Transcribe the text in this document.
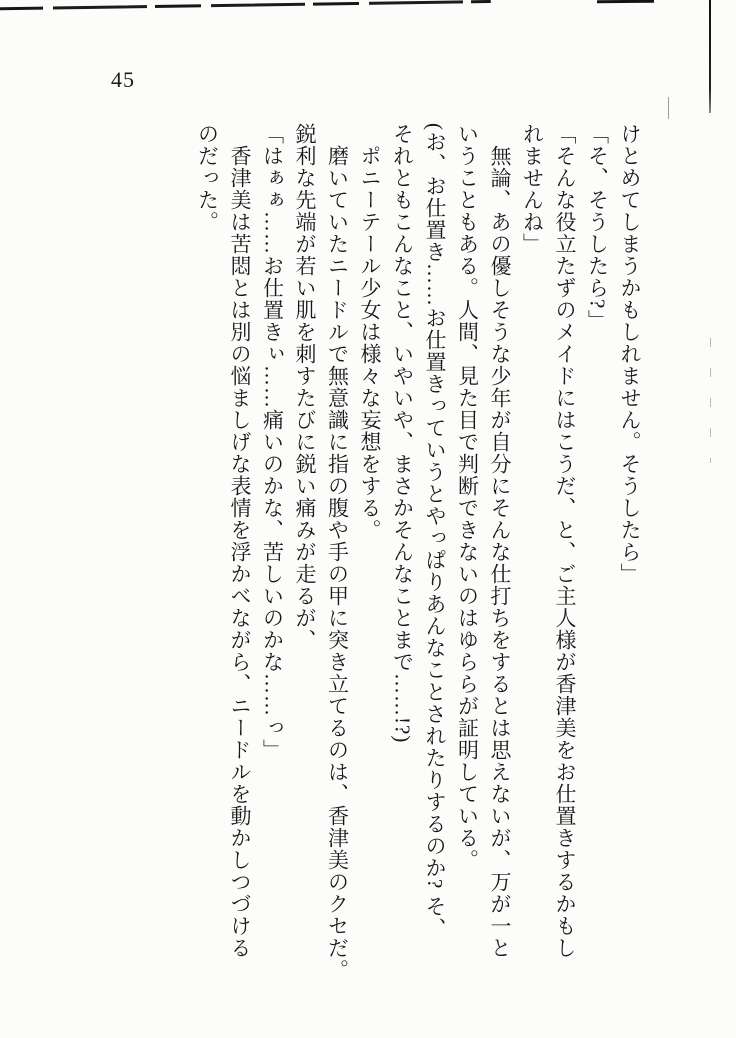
45

けとめてしまうかもしれません。そうしたら」

「そ、そうしたら?」

「そんな役立たずのメイドにはこうだ、と、ご主人様が香津美をお仕置きするかもし

れませんね」

無論、あの優しそうな少年が自分にそんな仕打ちをするとは思えないが、万が一と

いうこともある。人間、見た目で判断できないのはゆららが証明している。

(お、お仕置き……お仕置きっていうとやっぱりあんなことされたりするのか? そ、

それともこんなこと、いやいや、まさかそんなことまで……!?)

ポニーテール少女は様々な妄想をする。

磨いていたニードルで無意識に指の腹や手の甲に突き立てるのは、香津美のクセだ。

鋭利な先端が若い肌を刺すたびに鋭い痛みが走るが、

「はぁぁ……お仕置きぃ……痛いのかな、苦しいのかな……っ」

香津美は苦悶とは別の悩ましげな表情を浮かべながら、ニードルを動かしつづける

のだった。
